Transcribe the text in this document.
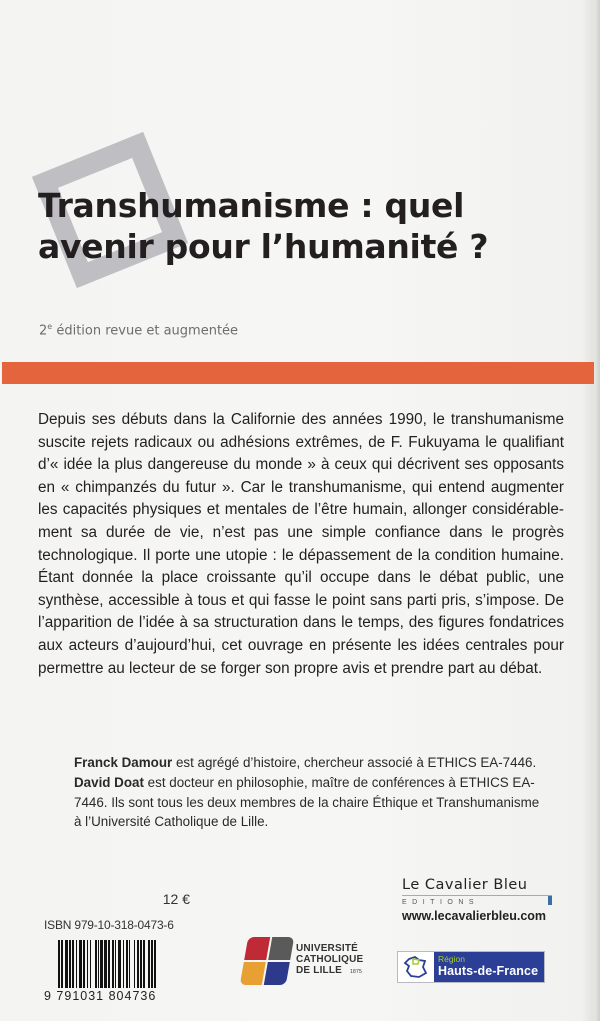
Transhumanisme : quel
avenir pour l’humanité ?
2e édition revue et augmentée

Depuis ses débuts dans la Californie des années 1990, le transhumanisme suscite rejets radicaux ou adhésions extrêmes, de F. Fukuyama le qualifiant d’« idée la plus dangereuse du monde » à ceux qui décrivent ses opposants en « chimpanzés du futur ». Car le transhumanisme, qui entend augmenter les capacités physiques et mentales de l’être humain, allonger considérablement sa durée de vie, n’est pas une simple confiance dans le progrès technologique. Il porte une utopie : le dépassement de la condition humaine. Étant donnée la place croissante qu’il occupe dans le débat public, une synthèse, accessible à tous et qui fasse le point sans parti pris, s’impose. De l’apparition de l’idée à sa structuration dans le temps, des figures fondatrices aux acteurs d’aujourd’hui, cet ouvrage en présente les idées centrales pour permettre au lecteur de se forger son propre avis et prendre part au débat.

Franck Damour est agrégé d’histoire, chercheur associé à ETHICS EA-7446. David Doat est docteur en philosophie, maître de conférences à ETHICS EA-7446. Ils sont tous les deux membres de la chaire Éthique et Transhumanisme à l’Université Catholique de Lille.

12 €
ISBN 979-10-318-0473-6
9 791031 804736
UNIVERSITÉ
CATHOLIQUE
DE LILLE 1875
Le Cavalier Bleu
EDITIONS
www.lecavalierbleu.com
Région
Hauts-de-France
